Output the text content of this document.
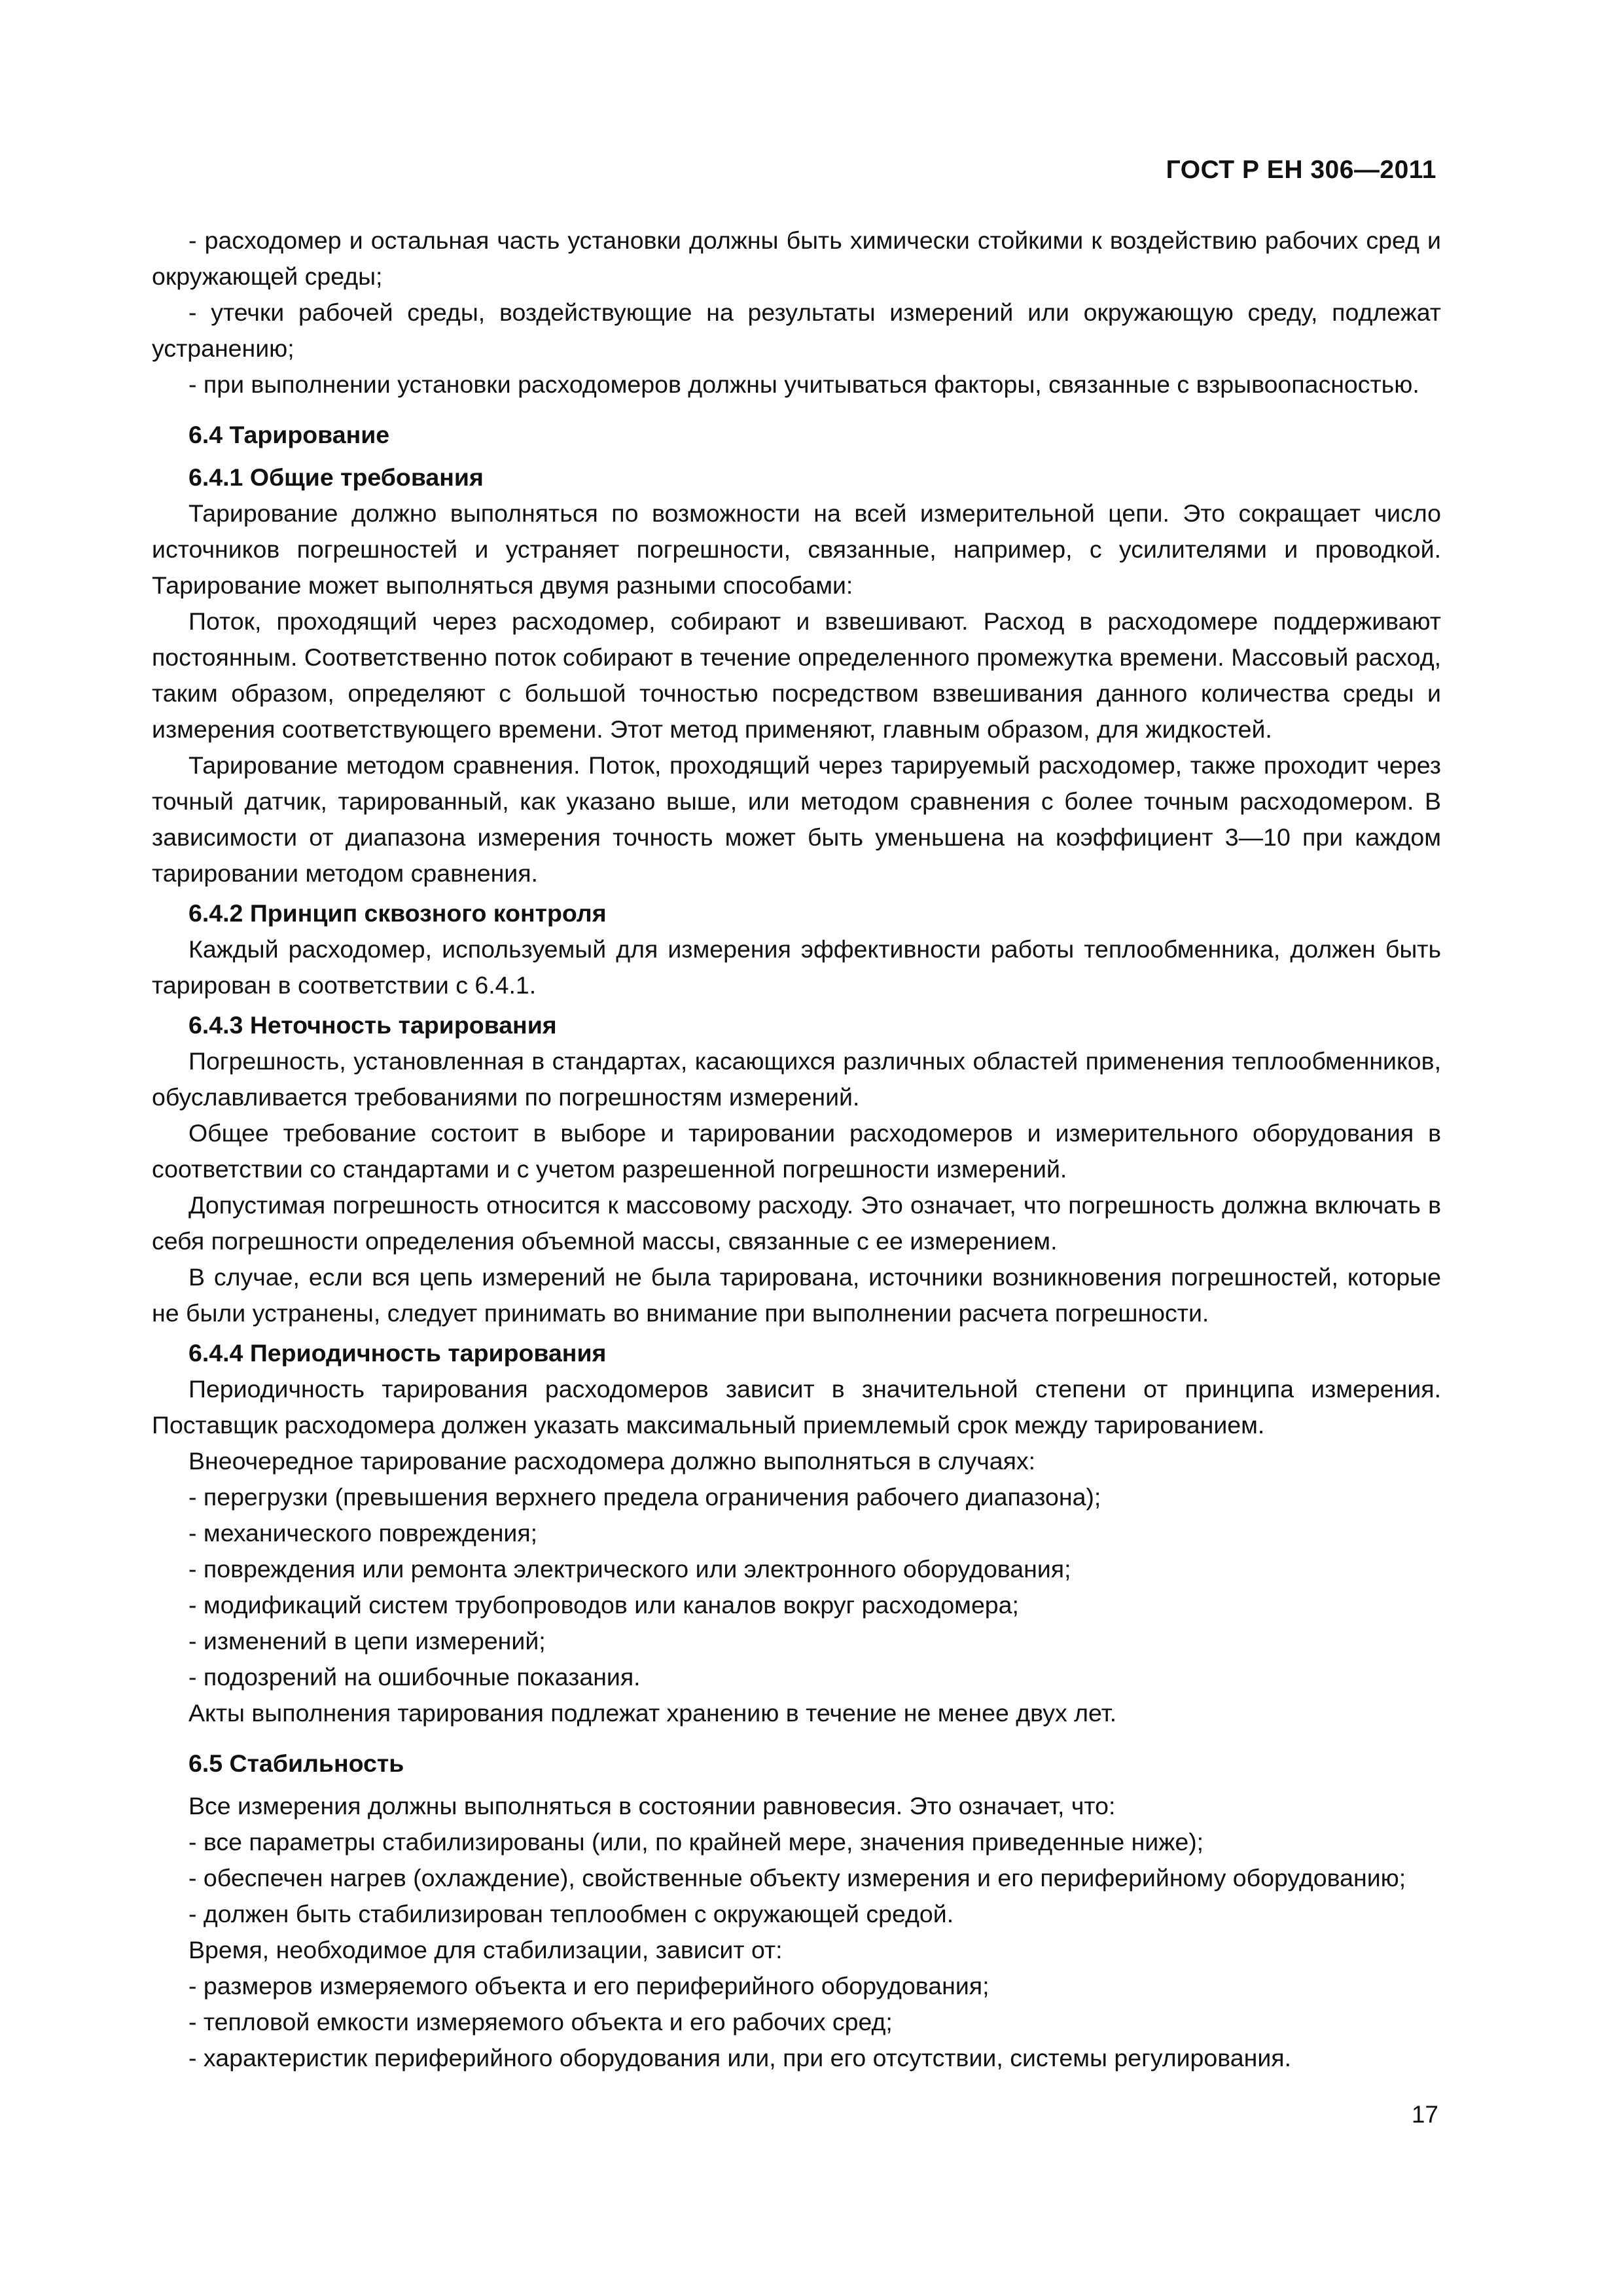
ГОСТ Р ЕН 306—2011

- расходомер и остальная часть установки должны быть химически стойкими к воздействию рабочих сред и окружающей среды;

- утечки рабочей среды, воздействующие на результаты измерений или окружающую среду, подлежат устранению;

- при выполнении установки расходомеров должны учитываться факторы, связанные с взрывоопасностью.

6.4 Тарирование

6.4.1 Общие требования

Тарирование должно выполняться по возможности на всей измерительной цепи. Это сокращает число источников погрешностей и устраняет погрешности, связанные, например, с усилителями и проводкой. Тарирование может выполняться двумя разными способами:

Поток, проходящий через расходомер, собирают и взвешивают. Расход в расходомере поддерживают постоянным. Соответственно поток собирают в течение определенного промежутка времени. Массовый расход, таким образом, определяют с большой точностью посредством взвешивания данного количества среды и измерения соответствующего времени. Этот метод применяют, главным образом, для жидкостей.

Тарирование методом сравнения. Поток, проходящий через тарируемый расходомер, также проходит через точный датчик, тарированный, как указано выше, или методом сравнения с более точным расходомером. В зависимости от диапазона измерения точность может быть уменьшена на коэффициент 3—10 при каждом тарировании методом сравнения.

6.4.2 Принцип сквозного контроля

Каждый расходомер, используемый для измерения эффективности работы теплообменника, должен быть тарирован в соответствии с 6.4.1.

6.4.3 Неточность тарирования

Погрешность, установленная в стандартах, касающихся различных областей применения теплообменников, обуславливается требованиями по погрешностям измерений.

Общее требование состоит в выборе и тарировании расходомеров и измерительного оборудования в соответствии со стандартами и с учетом разрешенной погрешности измерений.

Допустимая погрешность относится к массовому расходу. Это означает, что погрешность должна включать в себя погрешности определения объемной массы, связанные с ее измерением.

В случае, если вся цепь измерений не была тарирована, источники возникновения погрешностей, которые не были устранены, следует принимать во внимание при выполнении расчета погрешности.

6.4.4 Периодичность тарирования

Периодичность тарирования расходомеров зависит в значительной степени от принципа измерения. Поставщик расходомера должен указать максимальный приемлемый срок между тарированием.

Внеочередное тарирование расходомера должно выполняться в случаях:

- перегрузки (превышения верхнего предела ограничения рабочего диапазона);

- механического повреждения;

- повреждения или ремонта электрического или электронного оборудования;

- модификаций систем трубопроводов или каналов вокруг расходомера;

- изменений в цепи измерений;

- подозрений на ошибочные показания.

Акты выполнения тарирования подлежат хранению в течение не менее двух лет.

6.5 Стабильность

Все измерения должны выполняться в состоянии равновесия. Это означает, что:

- все параметры стабилизированы (или, по крайней мере, значения приведенные ниже);

- обеспечен нагрев (охлаждение), свойственные объекту измерения и его периферийному оборудованию;

- должен быть стабилизирован теплообмен с окружающей средой.

Время, необходимое для стабилизации, зависит от:

- размеров измеряемого объекта и его периферийного оборудования;

- тепловой емкости измеряемого объекта и его рабочих сред;

- характеристик периферийного оборудования или, при его отсутствии, системы регулирования.

17
